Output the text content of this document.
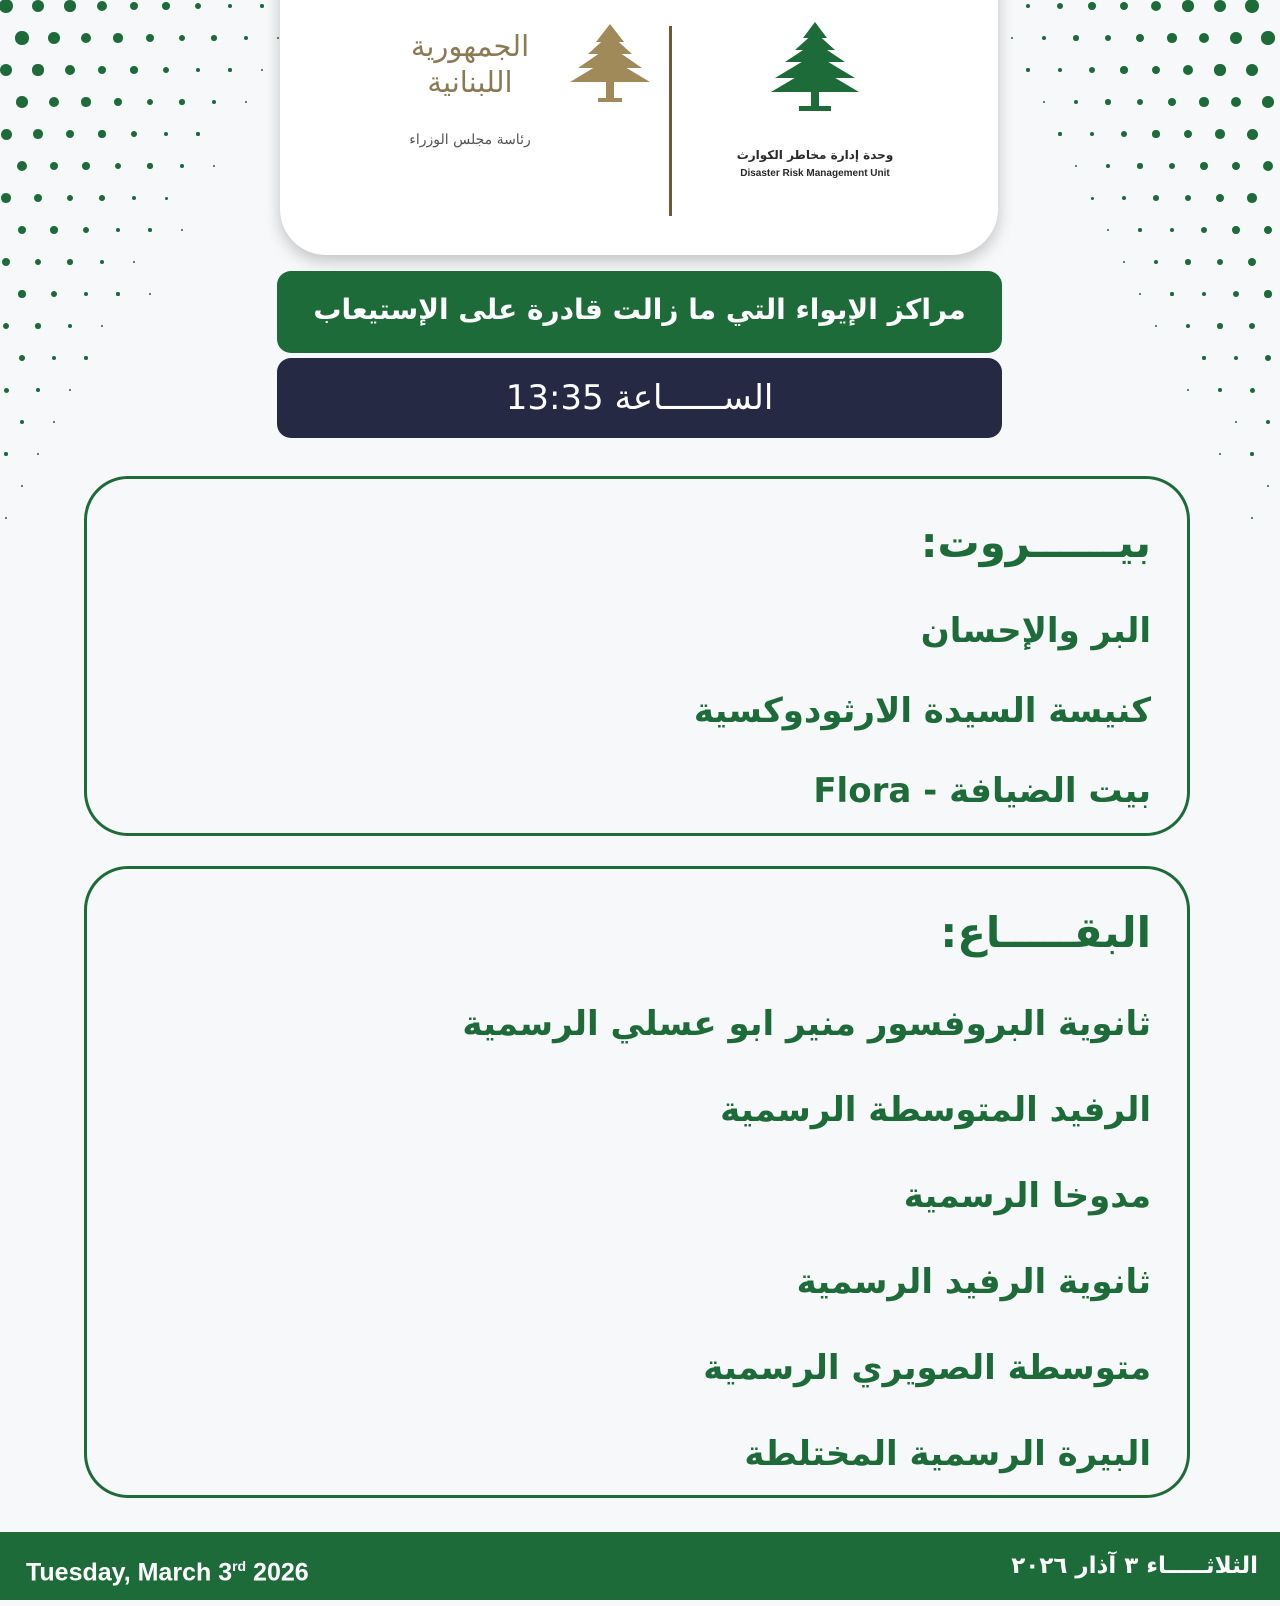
الجمهورية
اللبنانية
رئاسة مجلس الوزراء
وحدة إدارة مخاطر الكوارث
Disaster Risk Management Unit
مراكز الإيواء التي ما زالت قادرة على الإستيعاب
الســــــاعة 13:35
بيــــــروت:
البر والإحسان
كنيسة السيدة الارثودوكسية
بيت الضيافة - Flora
البقـــــاع:
ثانوية البروفسور منير ابو عسلي الرسمية
الرفيد المتوسطة الرسمية
مدوخا الرسمية
ثانوية الرفيد الرسمية
متوسطة الصويري الرسمية
البيرة الرسمية المختلطة
Tuesday, March 3rd 2026	الثلاثـــــاء ٣ آذار ٢٠٢٦
